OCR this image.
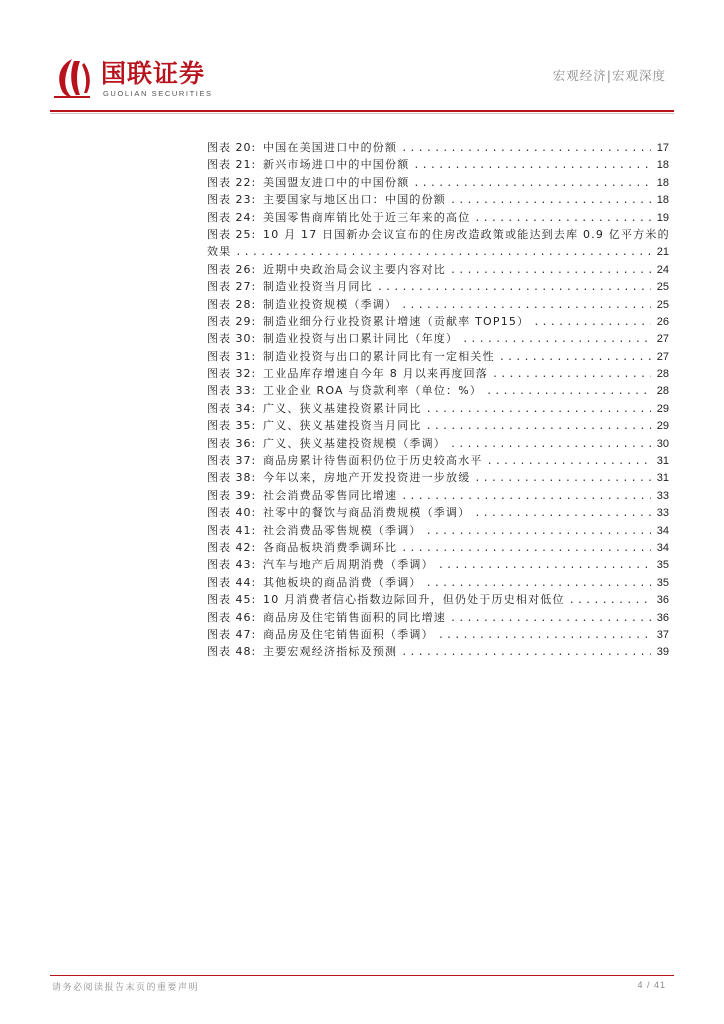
国联证券
GUOLIAN SECURITIES
宏观经济|宏观深度
图表 20: 中国在美国进口中的份额 .....	17
图表 21: 新兴市场进口中的中国份额 .....	18
图表 22: 美国盟友进口中的中国份额 .....	18
图表 23: 主要国家与地区出口：中国的份额 .....	18
图表 24: 美国零售商库销比处于近三年来的高位 .....	19
图表 25: 10 月 17 日国新办会议宣布的住房改造政策或能达到去库 0.9 亿平方米的
效果 .....	21
图表 26: 近期中央政治局会议主要内容对比 .....	24
图表 27: 制造业投资当月同比 .....	25
图表 28: 制造业投资规模（季调） .....	25
图表 29: 制造业细分行业投资累计增速（贡献率 TOP15） .....	26
图表 30: 制造业投资与出口累计同比（年度） .....	27
图表 31: 制造业投资与出口的累计同比有一定相关性 .....	27
图表 32: 工业品库存增速自今年 8 月以来再度回落 .....	28
图表 33: 工业企业 ROA 与贷款利率（单位：%） .....	28
图表 34: 广义、狭义基建投资累计同比 .....	29
图表 35: 广义、狭义基建投资当月同比 .....	29
图表 36: 广义、狭义基建投资规模（季调） .....	30
图表 37: 商品房累计待售面积仍位于历史较高水平 .....	31
图表 38: 今年以来，房地产开发投资进一步放缓 .....	31
图表 39: 社会消费品零售同比增速 .....	33
图表 40: 社零中的餐饮与商品消费规模（季调） .....	33
图表 41: 社会消费品零售规模（季调） .....	34
图表 42: 各商品板块消费季调环比 .....	34
图表 43: 汽车与地产后周期消费（季调） .....	35
图表 44: 其他板块的商品消费（季调） .....	35
图表 45: 10 月消费者信心指数边际回升，但仍处于历史相对低位 .....	36
图表 46: 商品房及住宅销售面积的同比增速 .....	36
图表 47: 商品房及住宅销售面积（季调） .....	37
图表 48: 主要宏观经济指标及预测 .....	39
请务必阅读报告末页的重要声明	4 / 41
